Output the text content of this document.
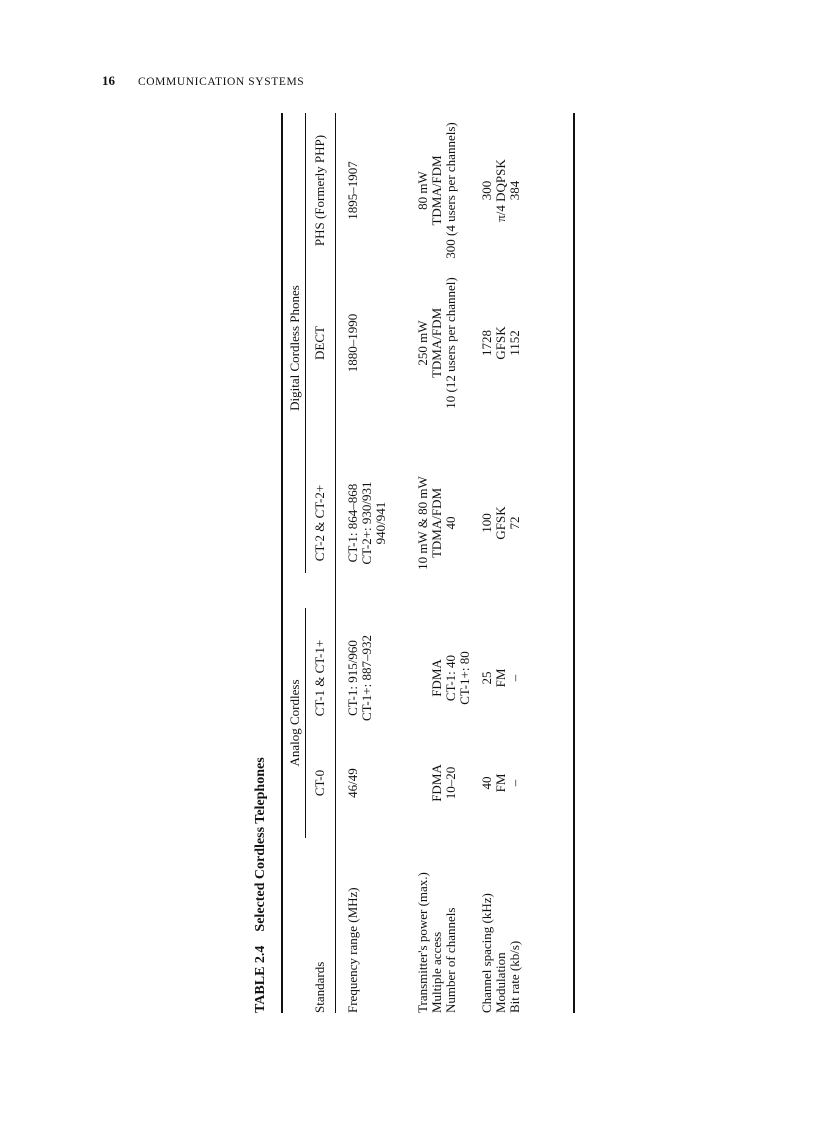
16 COMMUNICATION SYSTEMS
TABLE 2.4Selected Cordless Telephones
Analog Cordless
Digital Cordless Phones
Standards
CT-0
CT-1 & CT-1+
CT-2 & CT-2+
DECT
PHS (Formerly PHP)
Frequency range (MHz)
46/49
CT-1: 915/960 CT-1+: 887–932
CT-1: 864–868 CT-2+: 930/931 940/941
1880–1990
1895–1907
Transmitter's power (max.)
10 mW & 80 mW
250 mW
80 mW
Multiple access
FDMA
FDMA
TDMA/FDM
TDMA/FDM
TDMA/FDM
Number of channels
10–20
CT-1: 40 CT-1+: 80
40
10 (12 users per channel)
300 (4 users per channels)
Channel spacing (kHz)
40
25
100
1728
300
Modulation
FM
FM
GFSK
GFSK
π/4 DQPSK
Bit rate (kb/s)
–
–
72
1152
384
